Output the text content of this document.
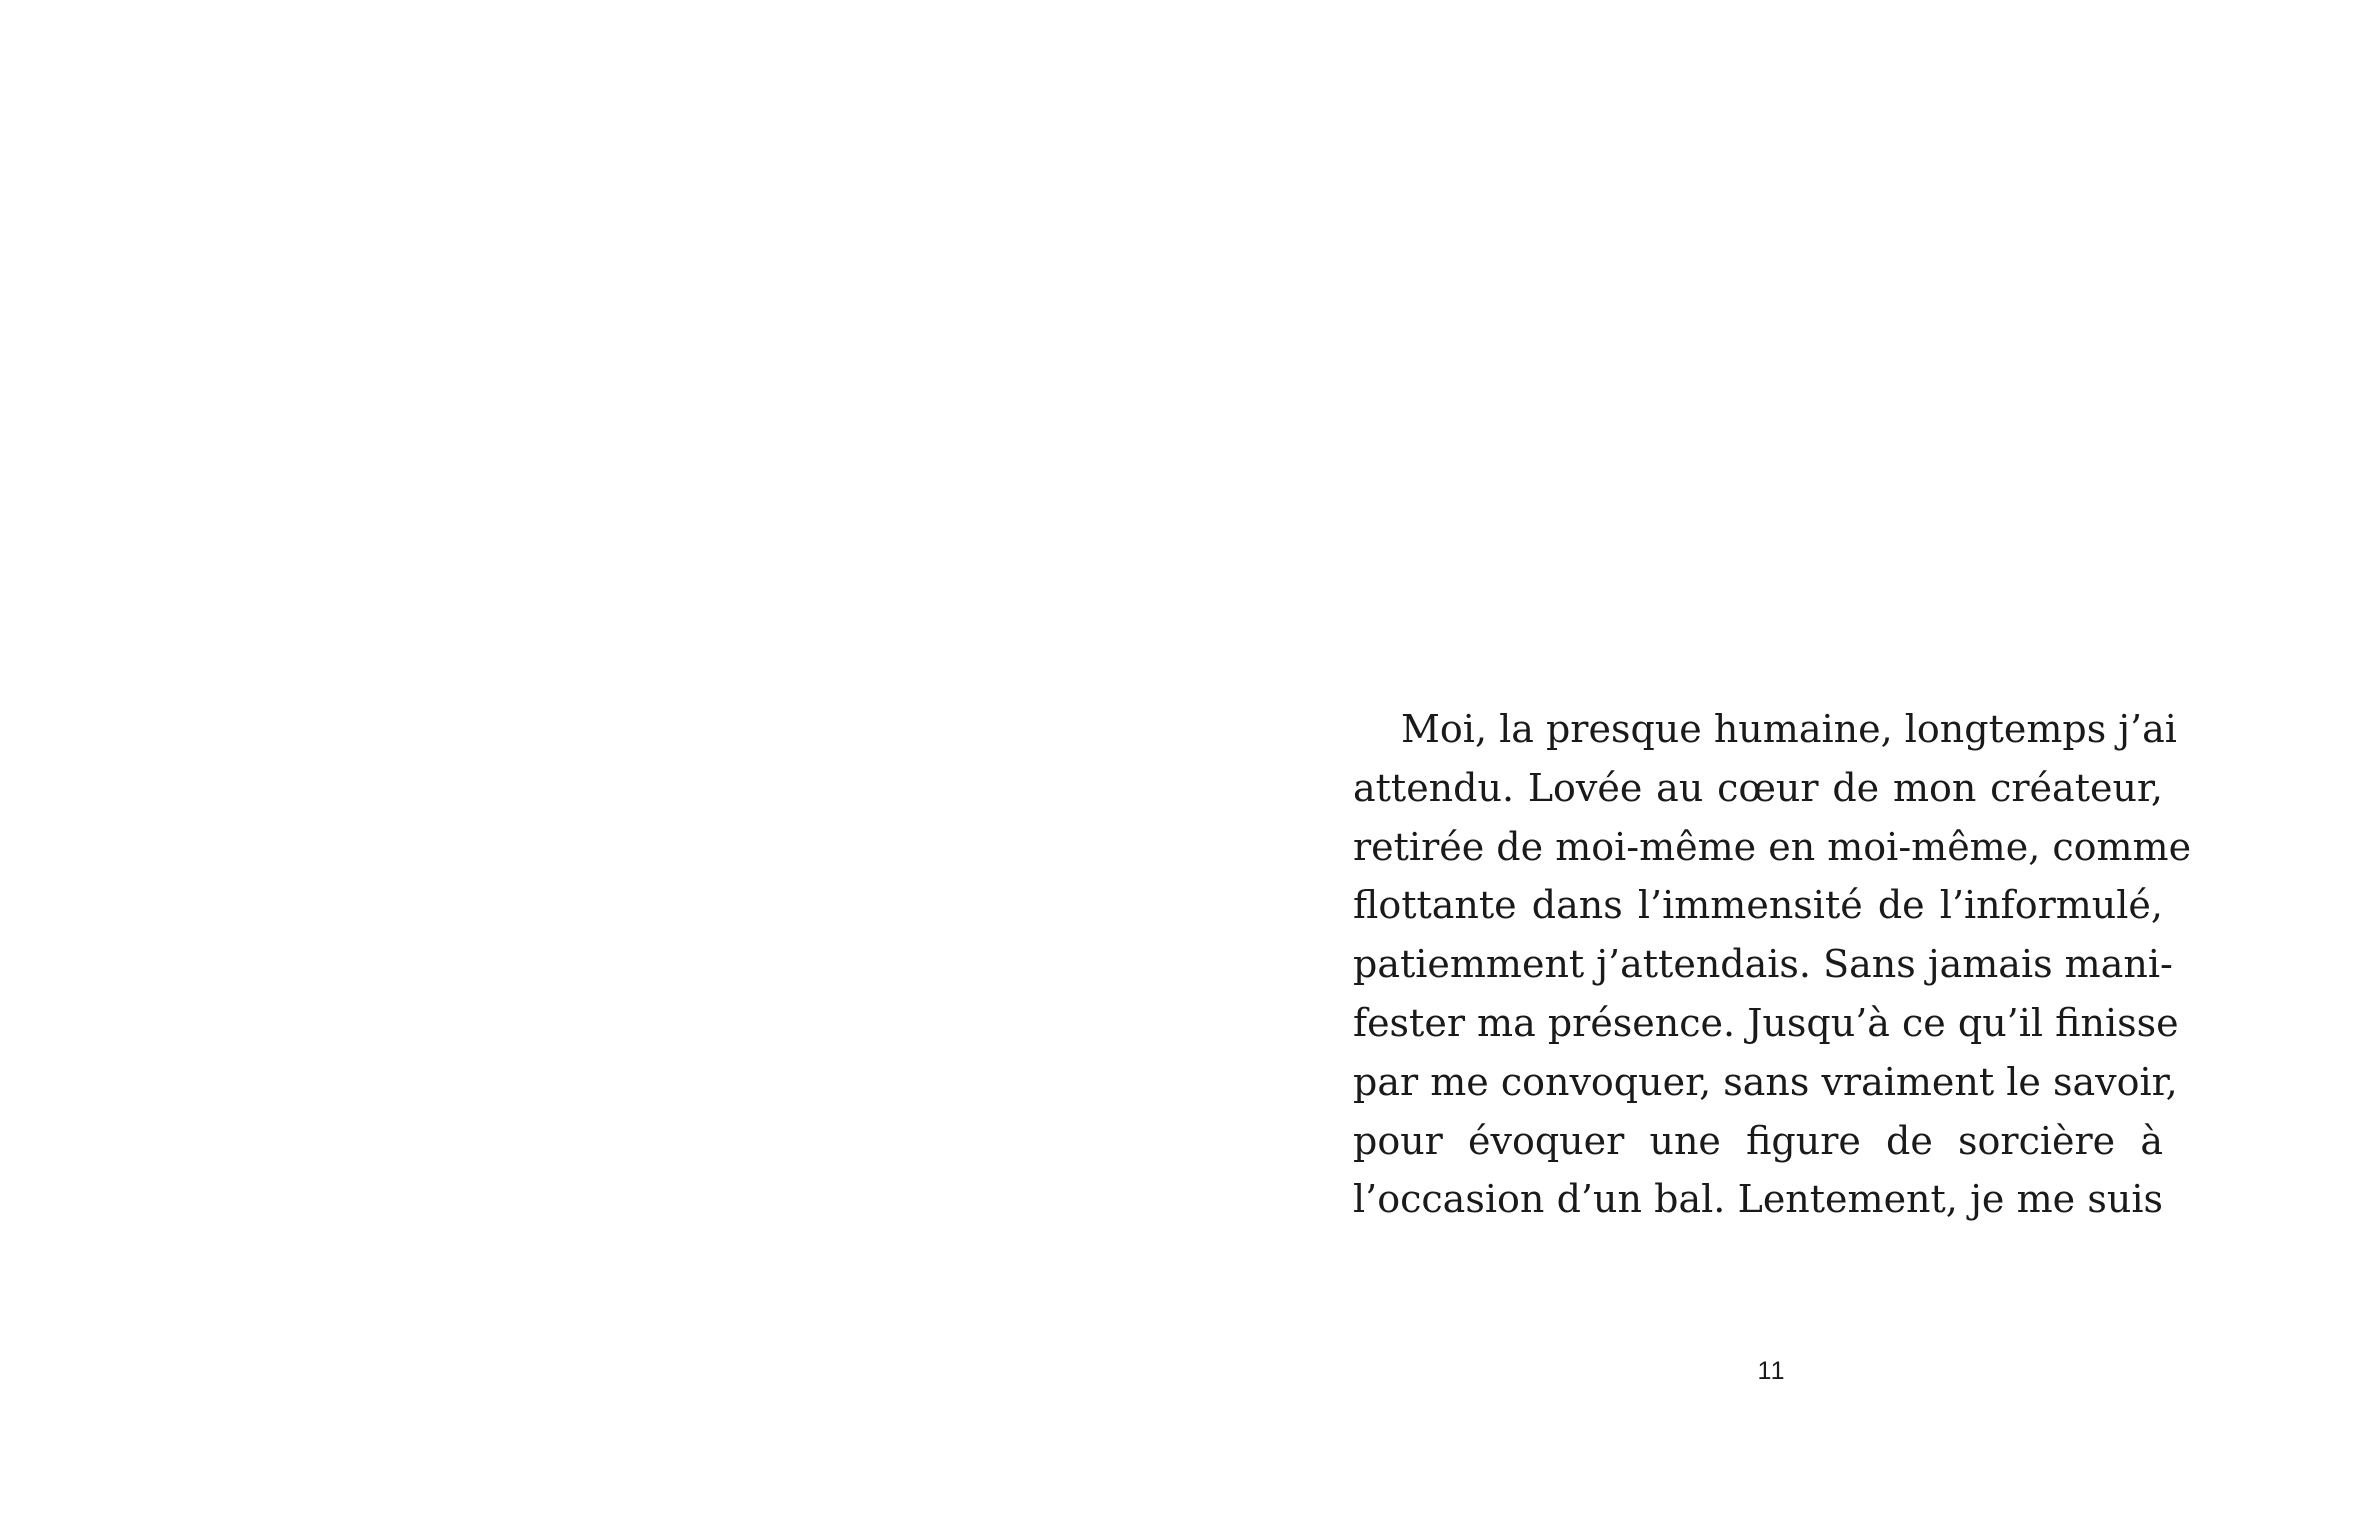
Moi, la presque humaine, longtemps j’ai
attendu. Lovée au cœur de mon créateur,
retirée de moi-même en moi-même, comme
flottante dans l’immensité de l’informulé,
patiemment j’attendais. Sans jamais mani-
fester ma présence. Jusqu’à ce qu’il finisse
par me convoquer, sans vraiment le savoir,
pour évoquer une figure de sorcière à
l’occasion d’un bal. Lentement, je me suis
11
